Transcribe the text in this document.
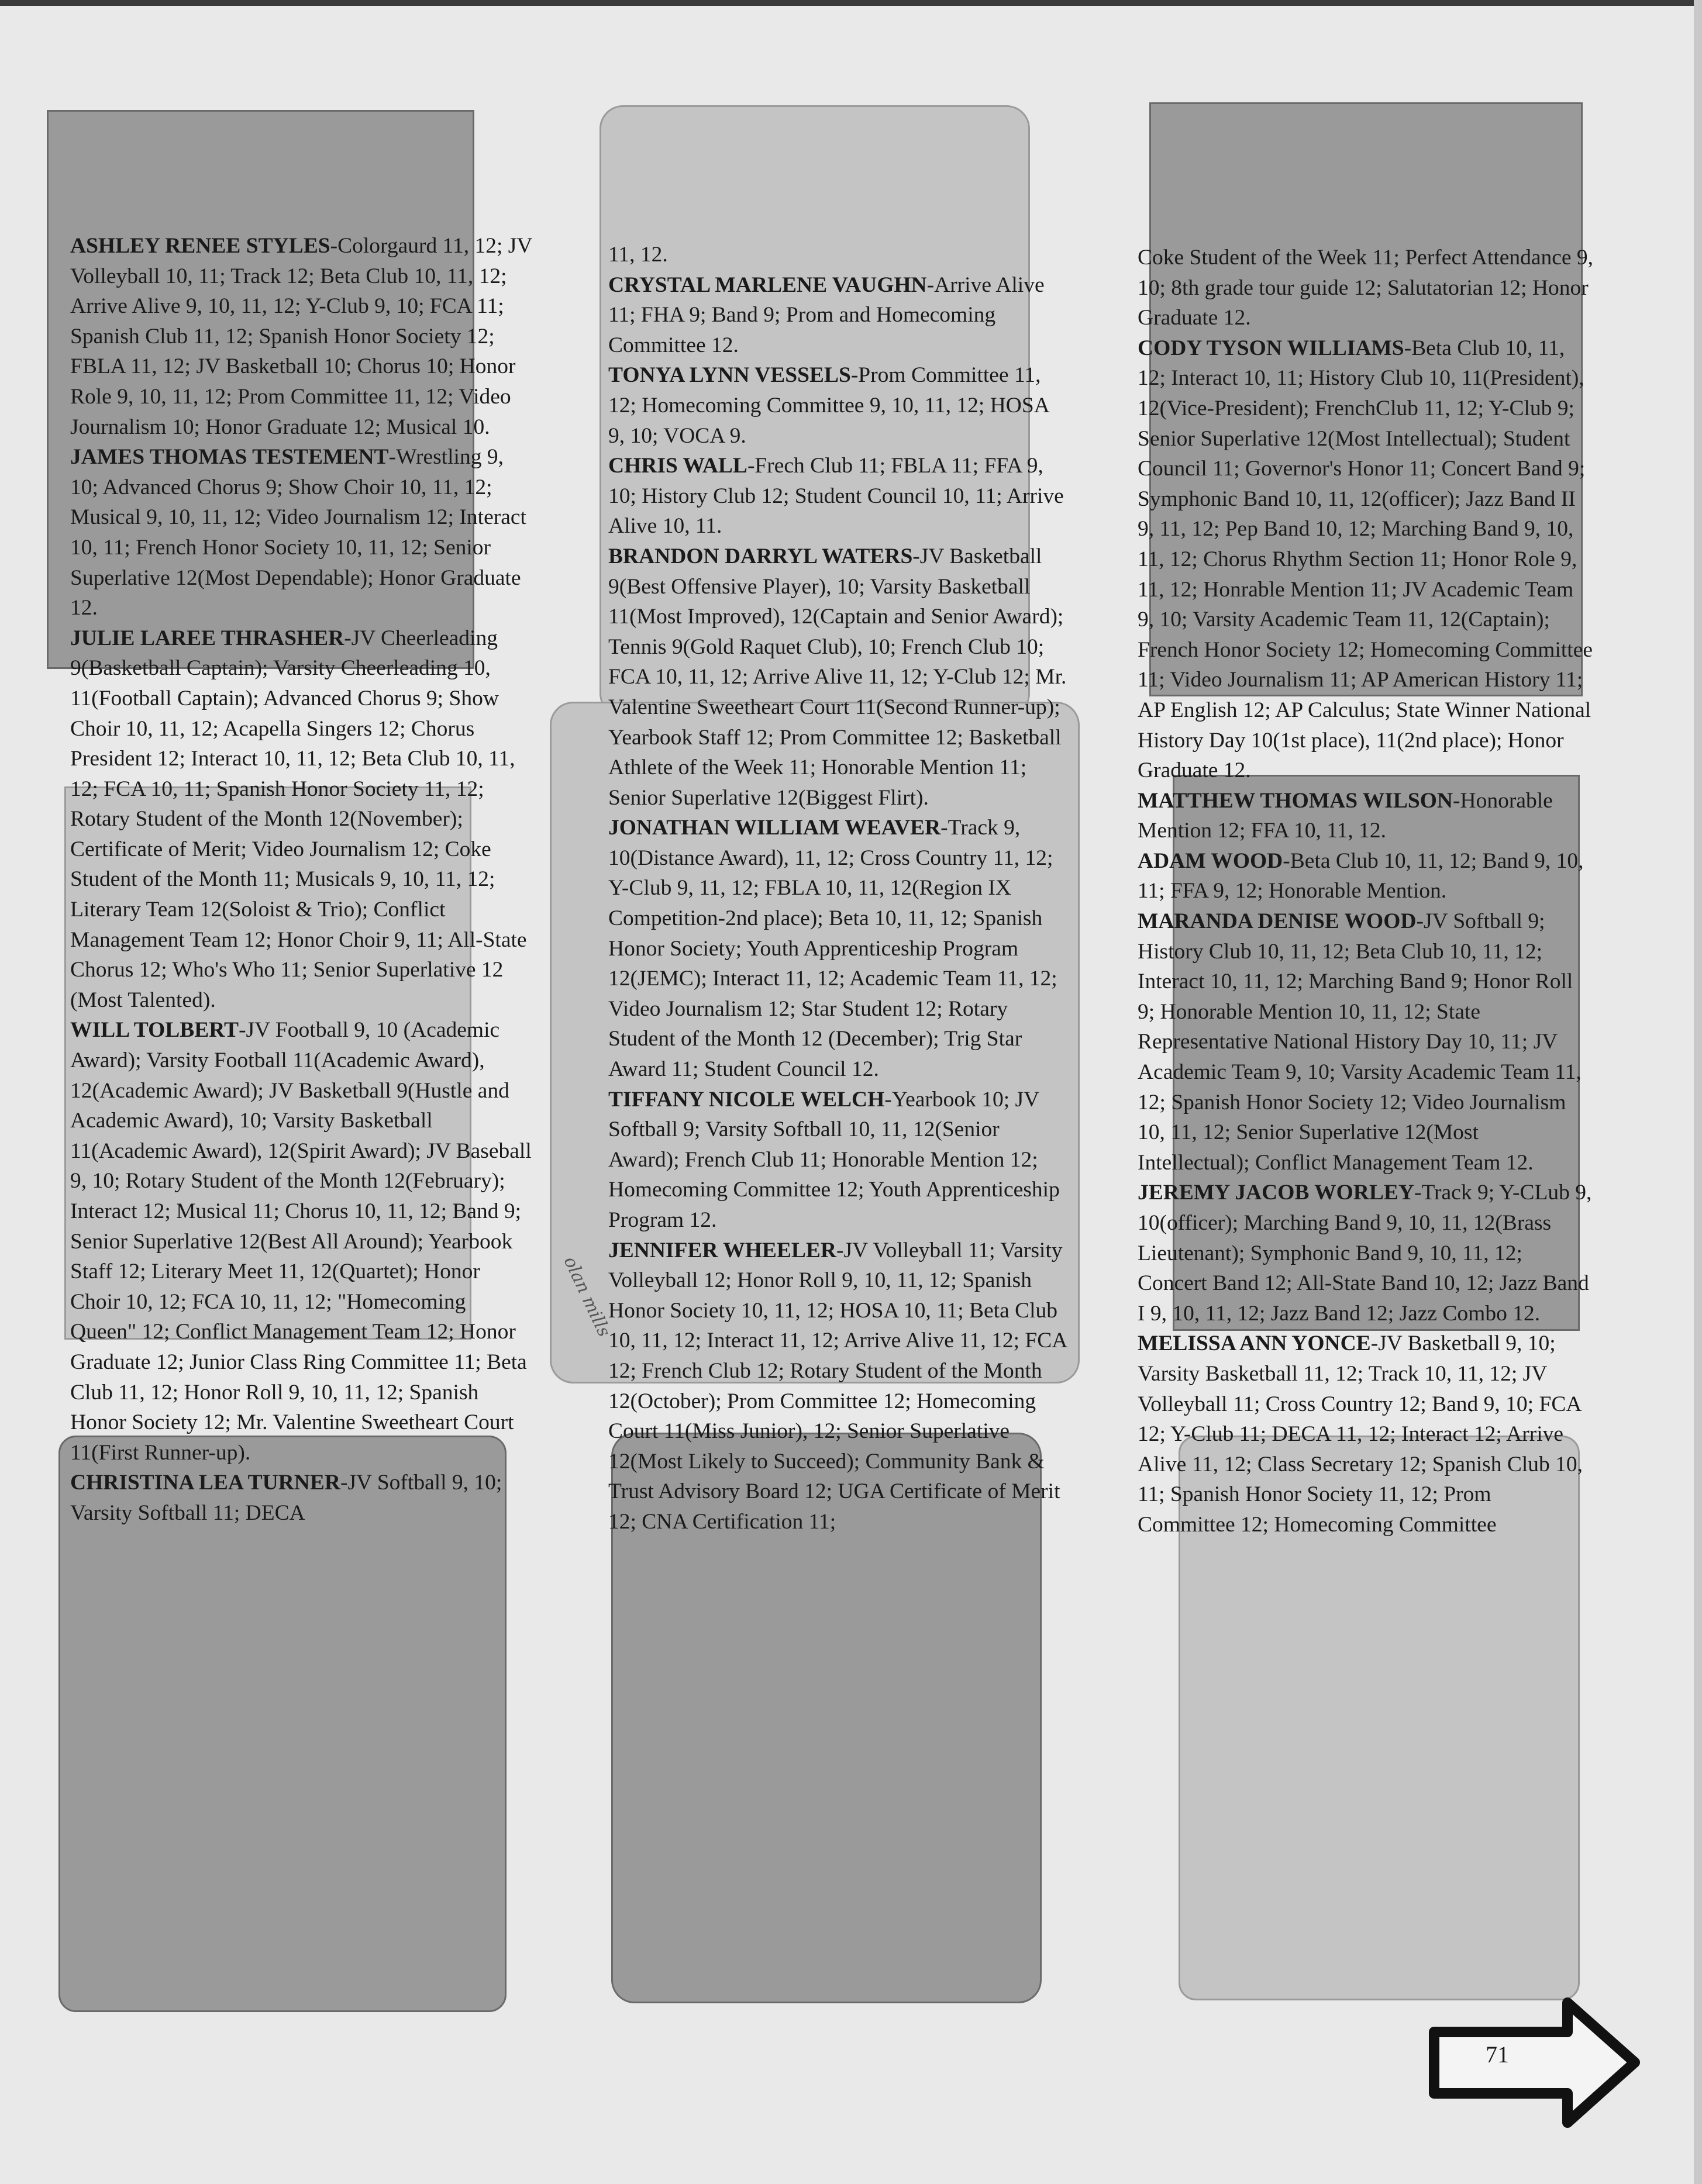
olan mills

ASHLEY RENEE STYLES-Colorgaurd 11, 12; JV Volleyball 10, 11; Track 12; Beta Club 10, 11, 12; Arrive Alive 9, 10, 11, 12; Y-Club 9, 10; FCA 11; Spanish Club 11, 12; Spanish Honor Society 12; FBLA 11, 12; JV Basketball 10; Chorus 10; Honor Role 9, 10, 11, 12; Prom Committee 11, 12; Video Journalism 10; Honor Graduate 12; Musical 10.

JAMES THOMAS TESTEMENT-Wrestling 9, 10; Advanced Chorus 9; Show Choir 10, 11, 12; Musical 9, 10, 11, 12; Video Journalism 12; Interact 10, 11; French Honor Society 10, 11, 12; Senior Superlative 12(Most Dependable); Honor Graduate 12.

JULIE LAREE THRASHER-JV Cheerleading 9(Basketball Captain); Varsity Cheerleading 10, 11(Football Captain); Advanced Chorus 9; Show Choir 10, 11, 12; Acapella Singers 12; Chorus President 12; Interact 10, 11, 12; Beta Club 10, 11, 12; FCA 10, 11; Spanish Honor Society 11, 12; Rotary Student of the Month 12(November); Certificate of Merit; Video Journalism 12; Coke Student of the Month 11; Musicals 9, 10, 11, 12; Literary Team 12(Soloist & Trio); Conflict Management Team 12; Honor Choir 9, 11; All-State Chorus 12; Who's Who 11; Senior Superlative 12 (Most Talented).

WILL TOLBERT-JV Football 9, 10 (Academic Award); Varsity Football 11(Academic Award), 12(Academic Award); JV Basketball 9(Hustle and Academic Award), 10; Varsity Basketball 11(Academic Award), 12(Spirit Award); JV Baseball 9, 10; Rotary Student of the Month 12(February); Interact 12; Musical 11; Chorus 10, 11, 12; Band 9; Senior Superlative 12(Best All Around); Yearbook Staff 12; Literary Meet 11, 12(Quartet); Honor Choir 10, 12; FCA 10, 11, 12; "Homecoming Queen" 12; Conflict Management Team 12; Honor Graduate 12; Junior Class Ring Committee 11; Beta Club 11, 12; Honor Roll 9, 10, 11, 12; Spanish Honor Society 12; Mr. Valentine Sweetheart Court 11(First Runner-up).

CHRISTINA LEA TURNER-JV Softball 9, 10; Varsity Softball 11; DECA

11, 12.

CRYSTAL MARLENE VAUGHN-Arrive Alive 11; FHA 9; Band 9; Prom and Homecoming Committee 12.

TONYA LYNN VESSELS-Prom Committee 11, 12; Homecoming Committee 9, 10, 11, 12; HOSA 9, 10; VOCA 9.

CHRIS WALL-Frech Club 11; FBLA 11; FFA 9, 10; History Club 12; Student Council 10, 11; Arrive Alive 10, 11.

BRANDON DARRYL WATERS-JV Basketball 9(Best Offensive Player), 10; Varsity Basketball 11(Most Improved), 12(Captain and Senior Award); Tennis 9(Gold Raquet Club), 10; French Club 10; FCA 10, 11, 12; Arrive Alive 11, 12; Y-Club 12; Mr. Valentine Sweetheart Court 11(Second Runner-up); Yearbook Staff 12; Prom Committee 12; Basketball Athlete of the Week 11; Honorable Mention 11; Senior Superlative 12(Biggest Flirt).

JONATHAN WILLIAM WEAVER-Track 9, 10(Distance Award), 11, 12; Cross Country 11, 12; Y-Club 9, 11, 12; FBLA 10, 11, 12(Region IX Competition-2nd place); Beta 10, 11, 12; Spanish Honor Society; Youth Apprenticeship Program 12(JEMC); Interact 11, 12; Academic Team 11, 12; Video Journalism 12; Star Student 12; Rotary Student of the Month 12 (December); Trig Star Award 11; Student Council 12.

TIFFANY NICOLE WELCH-Yearbook 10; JV Softball 9; Varsity Softball 10, 11, 12(Senior Award); French Club 11; Honorable Mention 12; Homecoming Committee 12; Youth Apprenticeship Program 12.

JENNIFER WHEELER-JV Volleyball 11; Varsity Volleyball 12; Honor Roll 9, 10, 11, 12; Spanish Honor Society 10, 11, 12; HOSA 10, 11; Beta Club 10, 11, 12; Interact 11, 12; Arrive Alive 11, 12; FCA 12; French Club 12; Rotary Student of the Month 12(October); Prom Committee 12; Homecoming Court 11(Miss Junior), 12; Senior Superlative 12(Most Likely to Succeed); Community Bank & Trust Advisory Board 12; UGA Certificate of Merit 12; CNA Certification 11;

Coke Student of the Week 11; Perfect Attendance 9, 10; 8th grade tour guide 12; Salutatorian 12; Honor Graduate 12.

CODY TYSON WILLIAMS-Beta Club 10, 11, 12; Interact 10, 11; History Club 10, 11(President), 12(Vice-President); FrenchClub 11, 12; Y-Club 9; Senior Superlative 12(Most Intellectual); Student Council 11; Governor's Honor 11; Concert Band 9; Symphonic Band 10, 11, 12(officer); Jazz Band II 9, 11, 12; Pep Band 10, 12; Marching Band 9, 10, 11, 12; Chorus Rhythm Section 11; Honor Role 9, 11, 12; Honrable Mention 11; JV Academic Team 9, 10; Varsity Academic Team 11, 12(Captain); French Honor Society 12; Homecoming Committee 11; Video Journalism 11; AP American History 11; AP English 12; AP Calculus; State Winner National History Day 10(1st place), 11(2nd place); Honor Graduate 12.

MATTHEW THOMAS WILSON-Honorable Mention 12; FFA 10, 11, 12.

ADAM WOOD-Beta Club 10, 11, 12; Band 9, 10, 11; FFA 9, 12; Honorable Mention.

MARANDA DENISE WOOD-JV Softball 9; History Club 10, 11, 12; Beta Club 10, 11, 12; Interact 10, 11, 12; Marching Band 9; Honor Roll 9; Honorable Mention 10, 11, 12; State Representative National History Day 10, 11; JV Academic Team 9, 10; Varsity Academic Team 11, 12; Spanish Honor Society 12; Video Journalism 10, 11, 12; Senior Superlative 12(Most Intellectual); Conflict Management Team 12.

JEREMY JACOB WORLEY-Track 9; Y-CLub 9, 10(officer); Marching Band 9, 10, 11, 12(Brass Lieutenant); Symphonic Band 9, 10, 11, 12; Concert Band 12; All-State Band 10, 12; Jazz Band I 9, 10, 11, 12; Jazz Band 12; Jazz Combo 12.

MELISSA ANN YONCE-JV Basketball 9, 10; Varsity Basketball 11, 12; Track 10, 11, 12; JV Volleyball 11; Cross Country 12; Band 9, 10; FCA 12; Y-Club 11; DECA 11, 12; Interact 12; Arrive Alive 11, 12; Class Secretary 12; Spanish Club 10, 11; Spanish Honor Society 11, 12; Prom Committee 12; Homecoming Committee

71
